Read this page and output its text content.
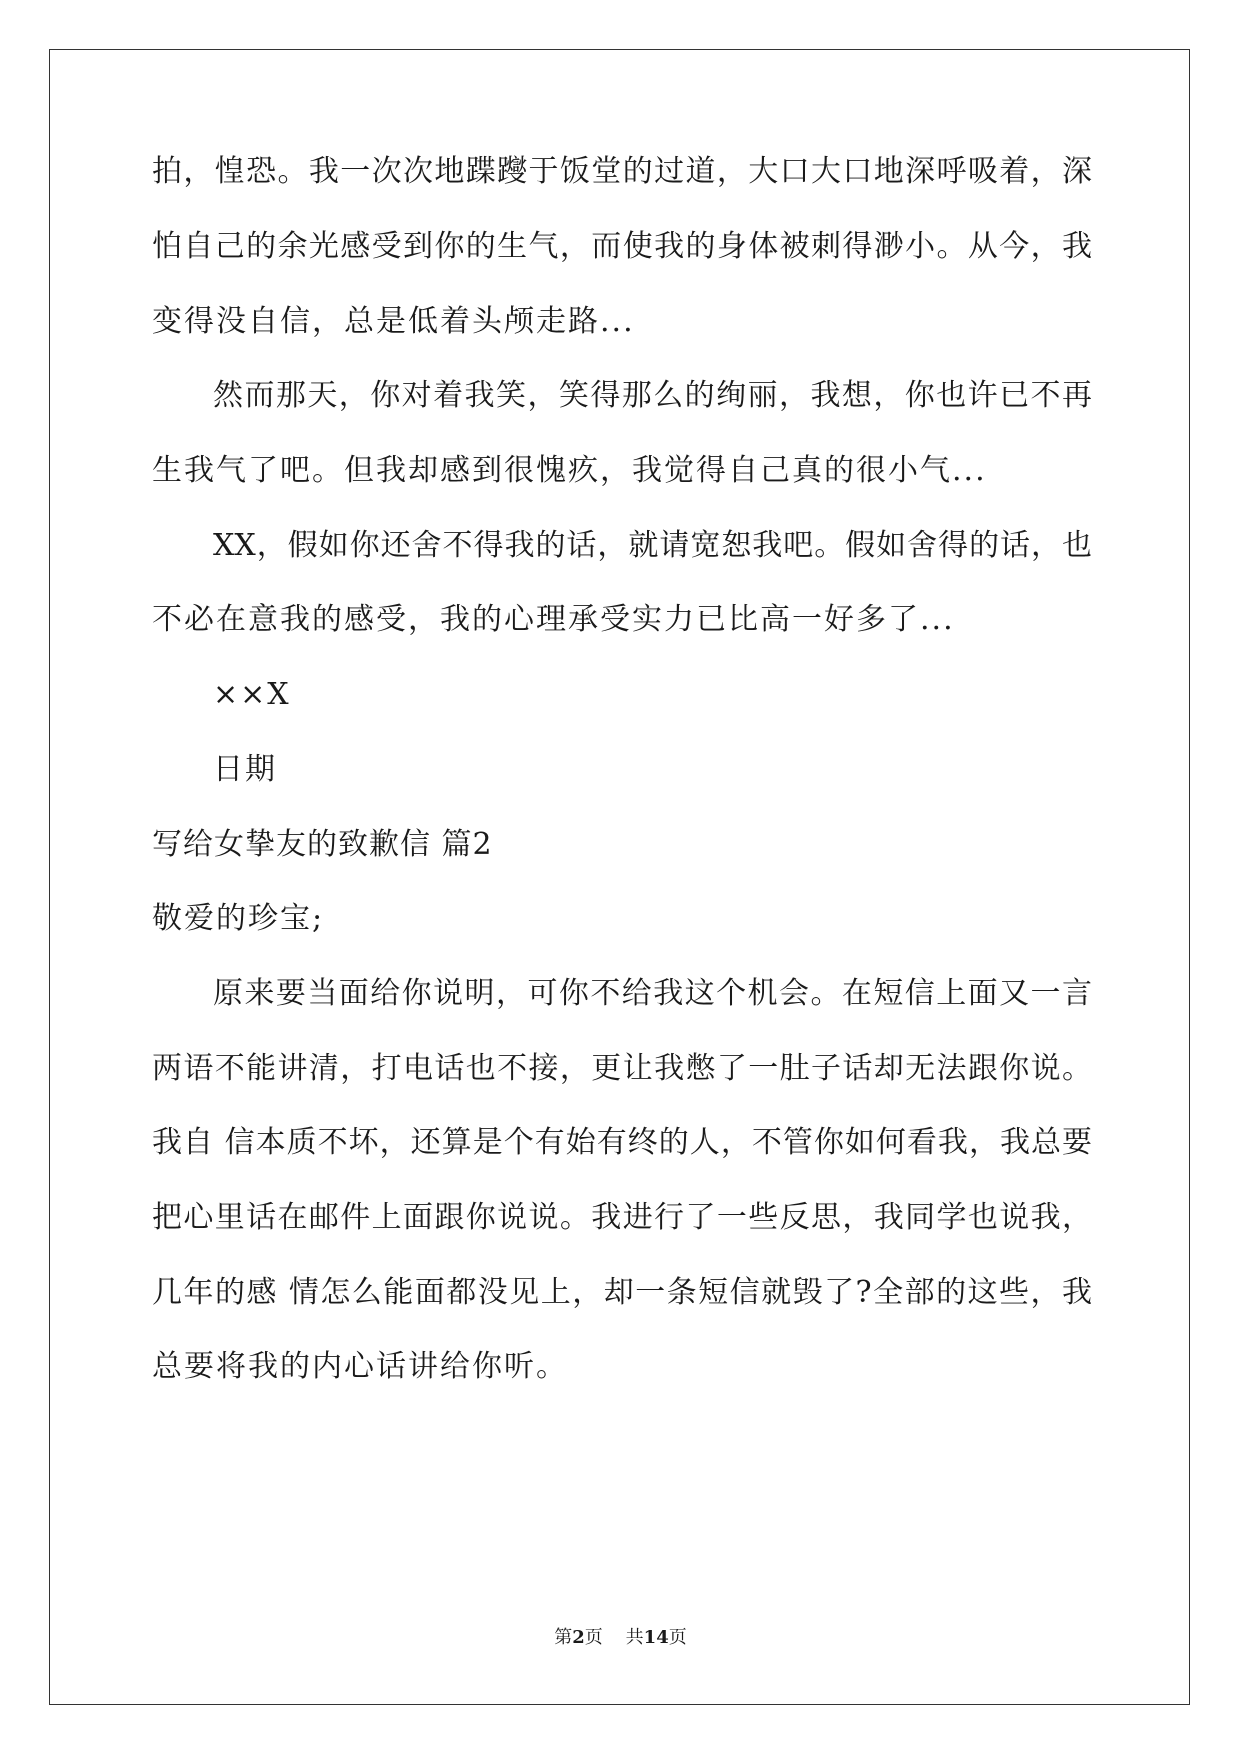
拍，惶恐。我一次次地蹀躞于饭堂的过道，大口大口地深呼吸着，深
怕自己的余光感受到你的生气，而使我的身体被刺得渺小。从今，我
变得没自信，总是低着头颅走路...
然而那天，你对着我笑，笑得那么的绚丽，我想，你也许已不再
生我气了吧。但我却感到很愧疚，我觉得自己真的很小气...
XX，假如你还舍不得我的话，就请宽恕我吧。假如舍得的话，也
不必在意我的感受，我的心理承受实力已比高一好多了...
××X
日期
写给女挚友的致歉信 篇2
敬爱的珍宝;
原来要当面给你说明，可你不给我这个机会。在短信上面又一言
两语不能讲清，打电话也不接，更让我憋了一肚子话却无法跟你说。
我自 信本质不坏，还算是个有始有终的人，不管你如何看我，我总要
把心里话在邮件上面跟你说说。我进行了一些反思，我同学也说我，
几年的感 情怎么能面都没见上，却一条短信就毁了?全部的这些，我
总要将我的内心话讲给你听。
第2页 共14页
